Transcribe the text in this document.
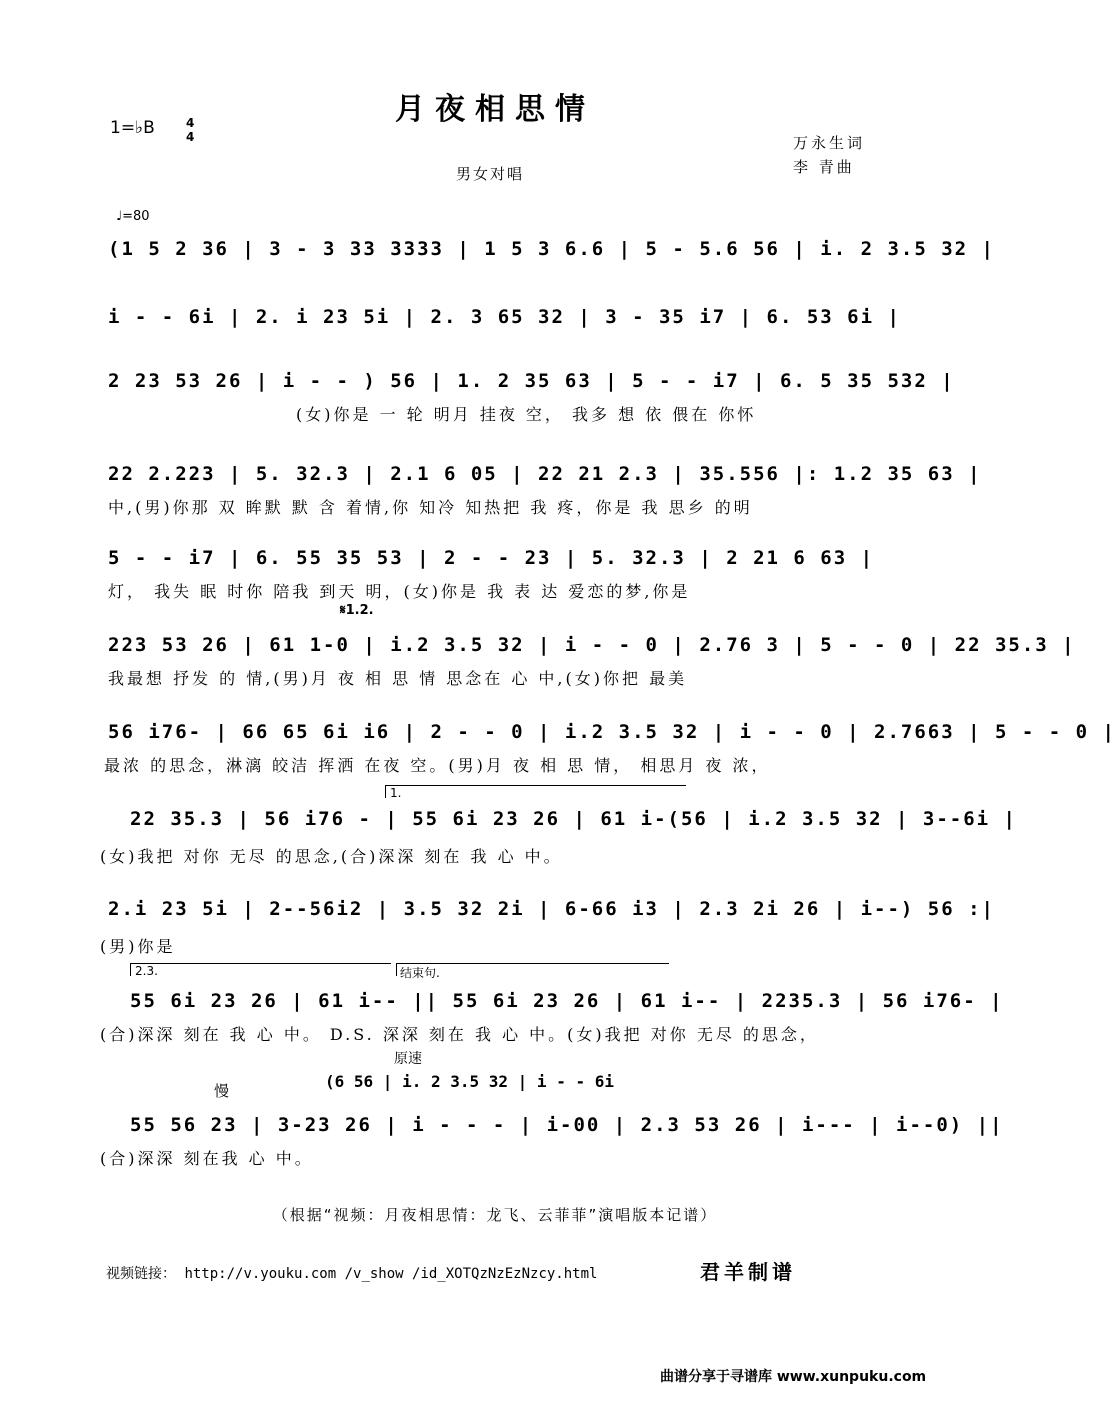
月夜相思情
1=♭B	4
4	万永生词
李 青曲
男女对唱
♩=80
(1 5 2 36 | 3 - 3 33 3333 | 1 5 3 6.6 | 5 - 5.6 56 | i. 2 3.5 32 |
i - - 6i | 2. i 23 5i | 2. 3 65 32 | 3 - 35 i7 | 6. 53 6i |
2 23 53 26 | i - - ) 56 | 1. 2 35 63 | 5 - - i7 | 6. 5 35 532 |
(女)你是 一 轮 明月 挂夜 空， 我多 想 依 偎在 你怀
22 2.223 | 5. 32.3 | 2.1 6 05 | 22 21 2.3 | 35.556 |: 1.2 35 63 |
中,(男)你那 双 眸默 默 含 着情,你 知冷 知热把 我 疼，你是 我 思乡 的明
5 - - i7 | 6. 55 35 53 | 2 - - 23 | 5. 32.3 | 2 21 6 63 |
灯， 我失 眠 时你 陪我 到天 明，(女)你是 我 表 达 爱恋的梦,你是
𝄋1.2.
223 53 26 | 61 1-0 | i.2 3.5 32 | i - - 0 | 2.76 3 | 5 - - 0 | 22 35.3 |
我最想 抒发 的 情,(男)月 夜 相 思 情 思念在 心 中,(女)你把 最美
56 i76- | 66 65 6i i6 | 2 - - 0 | i.2 3.5 32 | i - - 0 | 2.7663 | 5 - - 0 |
最浓 的思念，淋漓 皎洁 挥洒 在夜 空。(男)月 夜 相 思 情， 相思月 夜 浓，
1.
22 35.3 | 56 i76 - | 55 6i 23 26 | 61 i-(56 | i.2 3.5 32 | 3--6i |
(女)我把 对你 无尽 的思念,(合)深深 刻在 我 心 中。
2.i 23 5i | 2--56i2 | 3.5 32 2i | 6-66 i3 | 2.3 2i 26 | i--) 56 :|
(男)你是
2.3.	结束句.
55 6i 23 26 | 61 i-- || 55 6i 23 26 | 61 i-- | 2235.3 | 56 i76- |
(合)深深 刻在 我 心 中。 D.S. 深深 刻在 我 心 中。(女)我把 对你 无尽 的思念，
原速
(6 56 | i. 2 3.5 32 | i - - 6i
慢
55 56 23 | 3-23 26 | i - - - | i-00 | 2.3 53 26 | i--- | i--0) ||
(合)深深 刻在我 心 中。
（根据“视频：月夜相思情：龙飞、云菲菲”演唱版本记谱）
视频链接： http://v.youku.com /v_show /id_XOTQzNzEzNzcy.html	君羊制谱
曲谱分享于寻谱库 www.xunpuku.com
